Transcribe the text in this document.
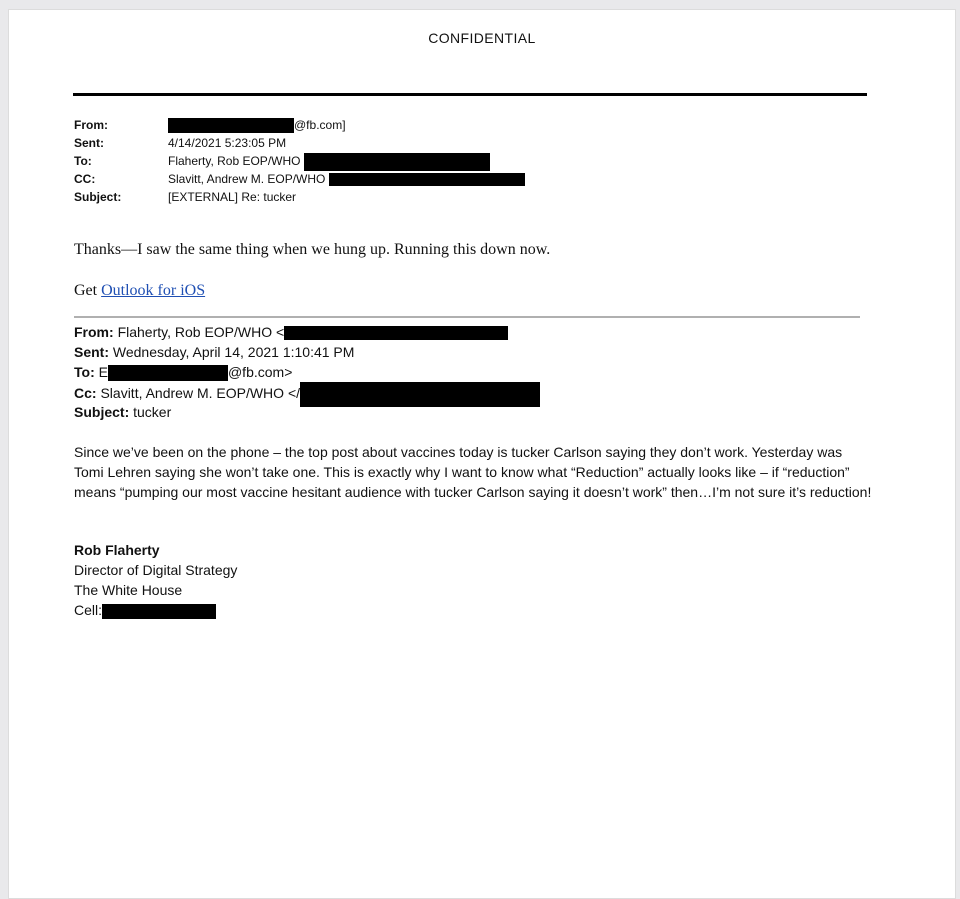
CONFIDENTIAL
From:	@fb.com]
Sent:	4/14/2021 5:23:05 PM
To:	Flaherty, Rob EOP/WHO
CC:	Slavitt, Andrew M. EOP/WHO
Subject:	[EXTERNAL] Re: tucker
Thanks—I saw the same thing when we hung up. Running this down now.
Get Outlook for iOS
From: Flaherty, Rob EOP/WHO <
Sent: Wednesday, April 14, 2021 1:10:41 PM
To: E	@fb.com>
Cc: Slavitt, Andrew M. EOP/WHO </
Subject: tucker
Since we’ve been on the phone – the top post about vaccines today is tucker Carlson saying they don’t work. Yesterday was Tomi Lehren saying she won’t take one. This is exactly why I want to know what “Reduction” actually looks like – if “reduction” means “pumping our most vaccine hesitant audience with tucker Carlson saying it doesn’t work” then…I’m not sure it’s reduction!
Rob Flaherty
Director of Digital Strategy
The White House
Cell:
